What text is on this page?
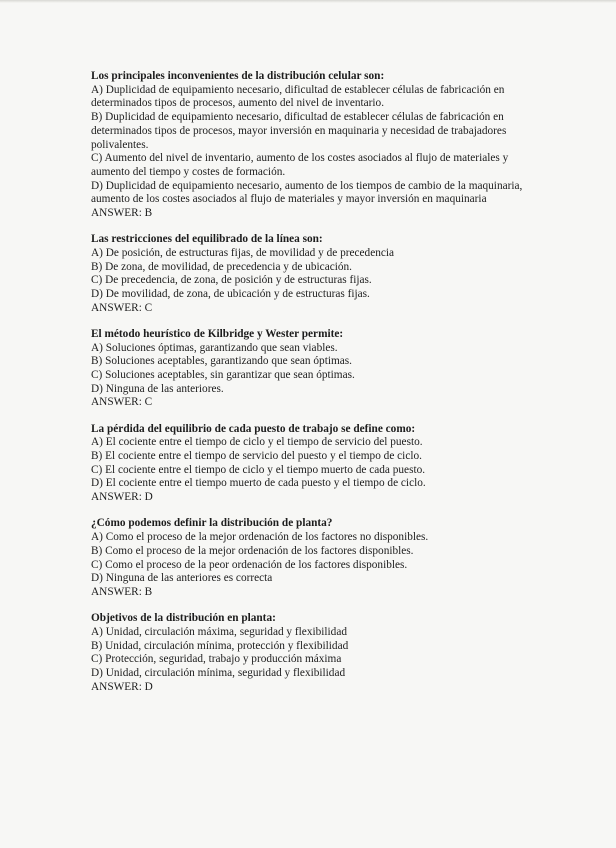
Los principales inconvenientes de la distribución celular son:
A) Duplicidad de equipamiento necesario, dificultad de establecer células de fabricación en determinados tipos de procesos, aumento del nivel de inventario.
B) Duplicidad de equipamiento necesario, dificultad de establecer células de fabricación en determinados tipos de procesos, mayor inversión en maquinaria y necesidad de trabajadores polivalentes.
C) Aumento del nivel de inventario, aumento de los costes asociados al flujo de materiales y aumento del tiempo y costes de formación.
D) Duplicidad de equipamiento necesario, aumento de los tiempos de cambio de la maquinaria, aumento de los costes asociados al flujo de materiales y mayor inversión en maquinaria
ANSWER: B
Las restricciones del equilibrado de la línea son:
A) De posición, de estructuras fijas, de movilidad y de precedencia
B) De zona, de movilidad, de precedencia y de ubicación.
C) De precedencia, de zona, de posición y de estructuras fijas.
D) De movilidad, de zona, de ubicación y de estructuras fijas.
ANSWER: C
El método heurístico de Kilbridge y Wester permite:
A) Soluciones óptimas, garantizando que sean viables.
B) Soluciones aceptables, garantizando que sean óptimas.
C) Soluciones aceptables, sin garantizar que sean óptimas.
D) Ninguna de las anteriores.
ANSWER: C
La pérdida del equilibrio de cada puesto de trabajo se define como:
A) El cociente entre el tiempo de ciclo y el tiempo de servicio del puesto.
B) El cociente entre el tiempo de servicio del puesto y el tiempo de ciclo.
C) El cociente entre el tiempo de ciclo y el tiempo muerto de cada puesto.
D) El cociente entre el tiempo muerto de cada puesto y el tiempo de ciclo.
ANSWER: D
¿Cómo podemos definir la distribución de planta?
A) Como el proceso de la mejor ordenación de los factores no disponibles.
B) Como el proceso de la mejor ordenación de los factores disponibles.
C) Como el proceso de la peor ordenación de los factores disponibles.
D) Ninguna de las anteriores es correcta
ANSWER: B
Objetivos de la distribución en planta:
A) Unidad, circulación máxima, seguridad y flexibilidad
B) Unidad, circulación mínima, protección y flexibilidad
C) Protección, seguridad, trabajo y producción máxima
D) Unidad, circulación mínima, seguridad y flexibilidad
ANSWER: D
